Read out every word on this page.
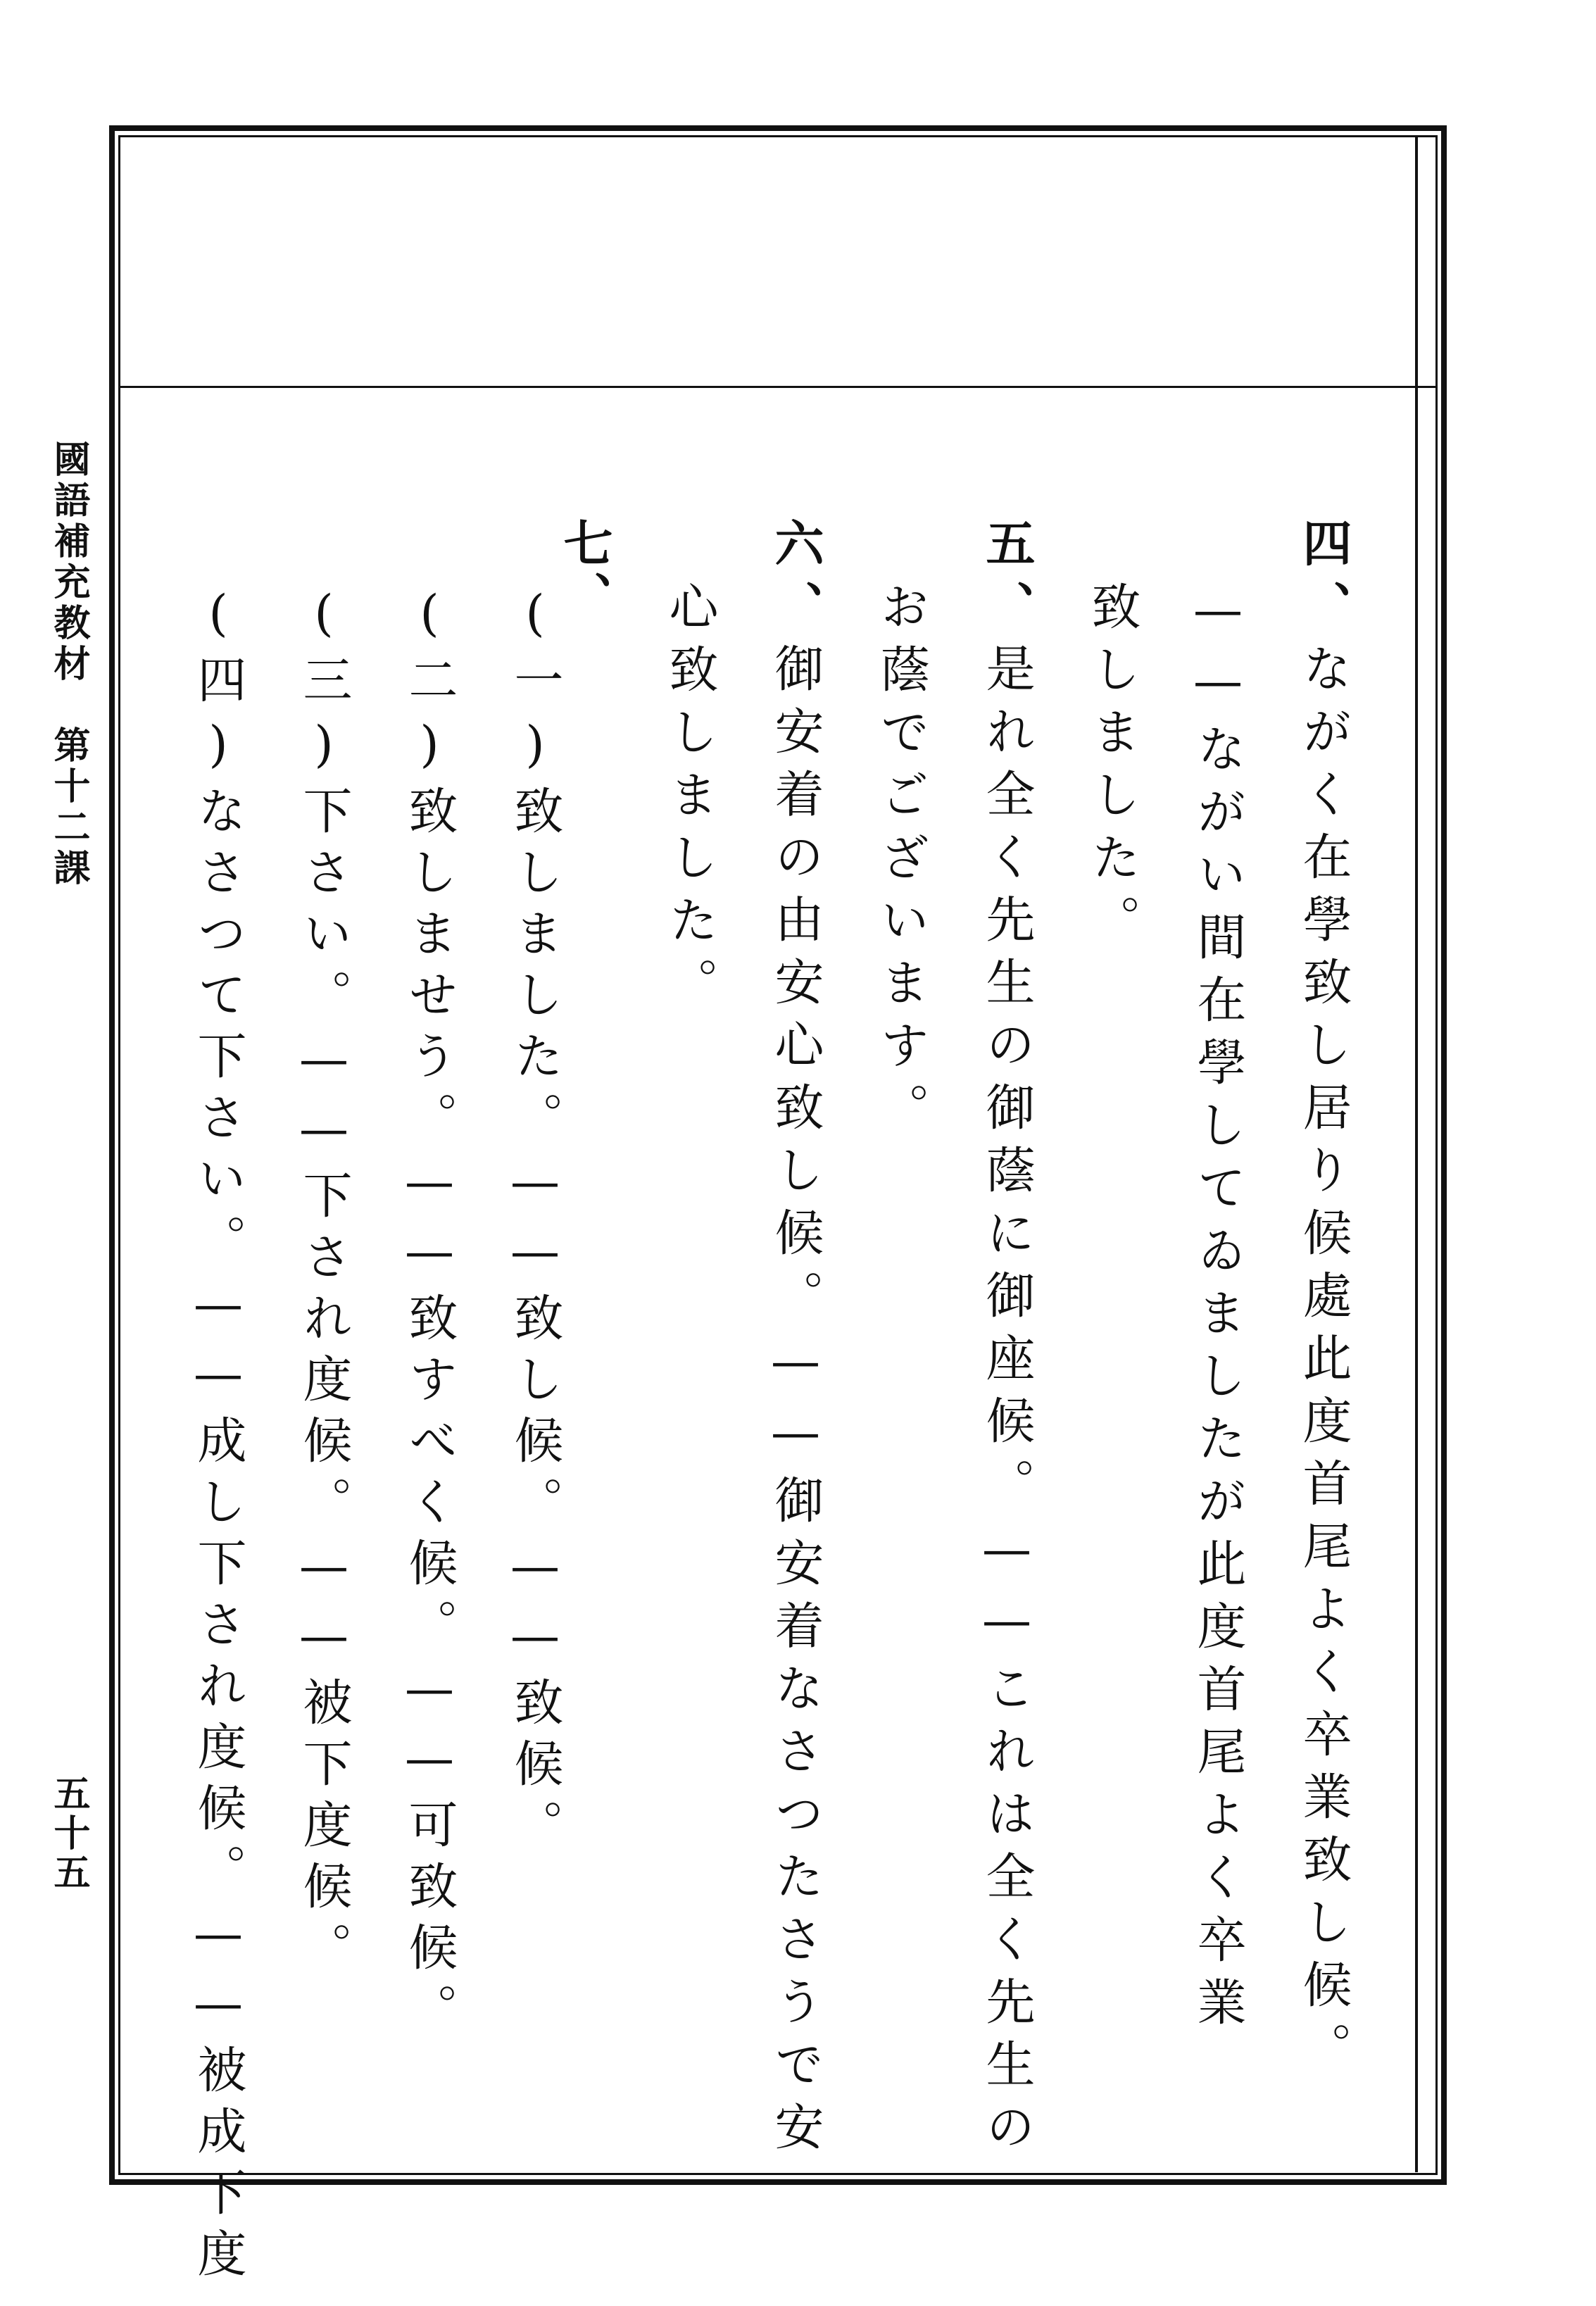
國語補充教材　第十二課
五十五
四、ながく在學致し居り候處此度首尾よく卒業致し候。
——ながい間在學してゐましたが此度首尾よく卒業
致しました。
五、是れ全く先生の御蔭に御座候。——これは全く先生の
お蔭でございます。
六、御安着の由安心致し候。——御安着なさつたさうで安
心致しました。
七、
(一)致しました。——致し候。——致候。
(二)致しませう。——致すべく候。——可致候。
(三)下さい。——下され度候。——被下度候。
(四)なさつて下さい。——成し下され度候。——被成下度
